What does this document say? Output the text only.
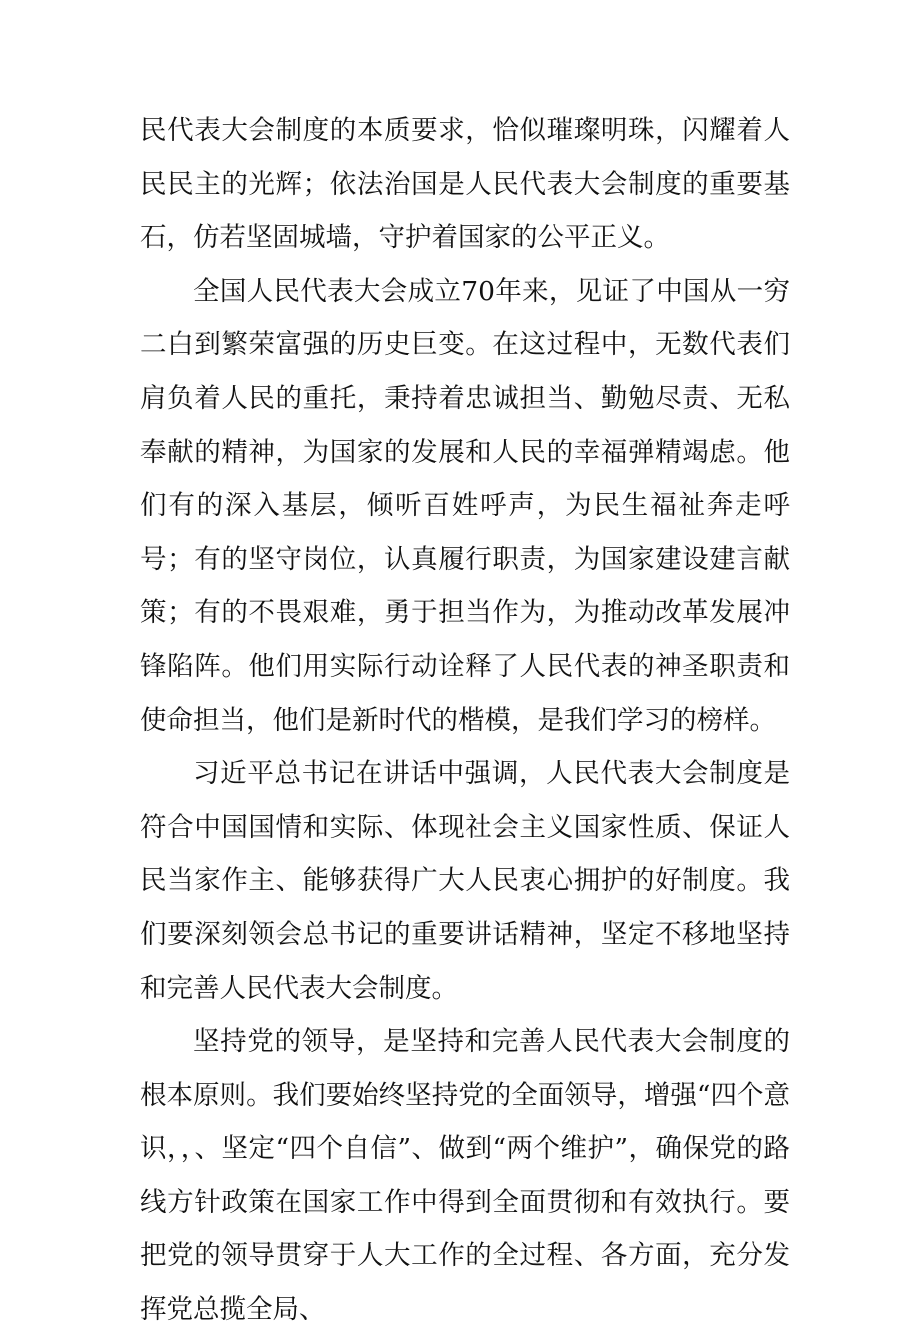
民代表大会制度的本质要求，恰似璀璨明珠，闪耀着人民民主的光辉；依法治国是人民代表大会制度的重要基石，仿若坚固城墙，守护着国家的公平正义。

全国人民代表大会成立70年来，见证了中国从一穷二白到繁荣富强的历史巨变。在这过程中，无数代表们肩负着人民的重托，秉持着忠诚担当、勤勉尽责、无私奉献的精神，为国家的发展和人民的幸福弹精竭虑。他们有的深入基层，倾听百姓呼声，为民生福祉奔走呼号；有的坚守岗位，认真履行职责，为国家建设建言献策；有的不畏艰难，勇于担当作为，为推动改革发展冲锋陷阵。他们用实际行动诠释了人民代表的神圣职责和使命担当，他们是新时代的楷模，是我们学习的榜样。

习近平总书记在讲话中强调，人民代表大会制度是符合中国国情和实际、体现社会主义国家性质、保证人民当家作主、能够获得广大人民衷心拥护的好制度。我们要深刻领会总书记的重要讲话精神，坚定不移地坚持和完善人民代表大会制度。

坚持党的领导，是坚持和完善人民代表大会制度的根本原则。我们要始终坚持党的全面领导，增强“四个意识，，、坚定“四个自信”、做到“两个维护”，确保党的路线方针政策在国家工作中得到全面贯彻和有效执行。要把党的领导贯穿于人大工作的全过程、各方面，充分发挥党总揽全局、
